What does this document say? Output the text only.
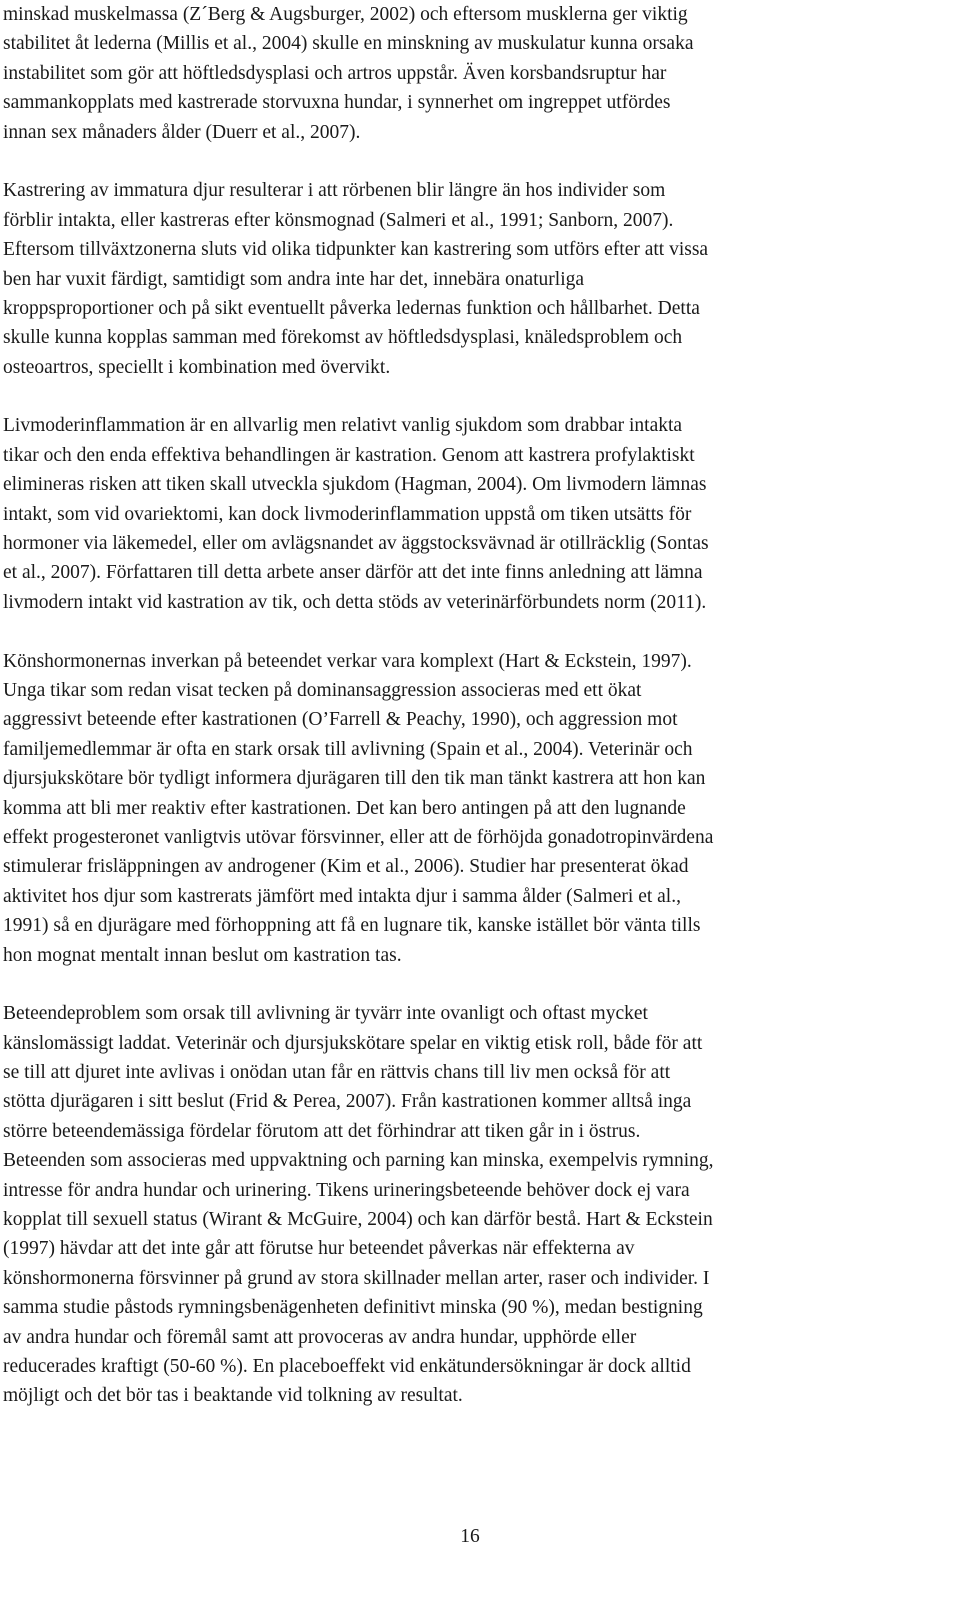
minskad muskelmassa (Z´Berg & Augsburger, 2002) och eftersom musklerna ger viktig
stabilitet åt lederna (Millis et al., 2004) skulle en minskning av muskulatur kunna orsaka
instabilitet som gör att höftledsdysplasi och artros uppstår. Även korsbandsruptur har
sammankopplats med kastrerade storvuxna hundar, i synnerhet om ingreppet utfördes
innan sex månaders ålder (Duerr et al., 2007).
Kastrering av immatura djur resulterar i att rörbenen blir längre än hos individer som
förblir intakta, eller kastreras efter könsmognad (Salmeri et al., 1991; Sanborn, 2007).
Eftersom tillväxtzonerna sluts vid olika tidpunkter kan kastrering som utförs efter att vissa
ben har vuxit färdigt, samtidigt som andra inte har det, innebära onaturliga
kroppsproportioner och på sikt eventuellt påverka ledernas funktion och hållbarhet. Detta
skulle kunna kopplas samman med förekomst av höftledsdysplasi, knäledsproblem och
osteoartros, speciellt i kombination med övervikt.
Livmoderinflammation är en allvarlig men relativt vanlig sjukdom som drabbar intakta
tikar och den enda effektiva behandlingen är kastration. Genom att kastrera profylaktiskt
elimineras risken att tiken skall utveckla sjukdom (Hagman, 2004). Om livmodern lämnas
intakt, som vid ovariektomi, kan dock livmoderinflammation uppstå om tiken utsätts för
hormoner via läkemedel, eller om avlägsnandet av äggstocksvävnad är otillräcklig (Sontas
et al., 2007). Författaren till detta arbete anser därför att det inte finns anledning att lämna
livmodern intakt vid kastration av tik, och detta stöds av veterinärförbundets norm (2011).
Könshormonernas inverkan på beteendet verkar vara komplext (Hart & Eckstein, 1997).
Unga tikar som redan visat tecken på dominansaggression associeras med ett ökat
aggressivt beteende efter kastrationen (O’Farrell & Peachy, 1990), och aggression mot
familjemedlemmar är ofta en stark orsak till avlivning (Spain et al., 2004). Veterinär och
djursjukskötare bör tydligt informera djurägaren till den tik man tänkt kastrera att hon kan
komma att bli mer reaktiv efter kastrationen. Det kan bero antingen på att den lugnande
effekt progesteronet vanligtvis utövar försvinner, eller att de förhöjda gonadotropinvärdena
stimulerar frisläppningen av androgener (Kim et al., 2006). Studier har presenterat ökad
aktivitet hos djur som kastrerats jämfört med intakta djur i samma ålder (Salmeri et al.,
1991) så en djurägare med förhoppning att få en lugnare tik, kanske istället bör vänta tills
hon mognat mentalt innan beslut om kastration tas.
Beteendeproblem som orsak till avlivning är tyvärr inte ovanligt och oftast mycket
känslomässigt laddat. Veterinär och djursjukskötare spelar en viktig etisk roll, både för att
se till att djuret inte avlivas i onödan utan får en rättvis chans till liv men också för att
stötta djurägaren i sitt beslut (Frid & Perea, 2007). Från kastrationen kommer alltså inga
större beteendemässiga fördelar förutom att det förhindrar att tiken går in i östrus.
Beteenden som associeras med uppvaktning och parning kan minska, exempelvis rymning,
intresse för andra hundar och urinering. Tikens urineringsbeteende behöver dock ej vara
kopplat till sexuell status (Wirant & McGuire, 2004) och kan därför bestå. Hart & Eckstein
(1997) hävdar att det inte går att förutse hur beteendet påverkas när effekterna av
könshormonerna försvinner på grund av stora skillnader mellan arter, raser och individer. I
samma studie påstods rymningsbenägenheten definitivt minska (90 %), medan bestigning
av andra hundar och föremål samt att provoceras av andra hundar, upphörde eller
reducerades kraftigt (50-60 %). En placeboeffekt vid enkätundersökningar är dock alltid
möjligt och det bör tas i beaktande vid tolkning av resultat.
16
